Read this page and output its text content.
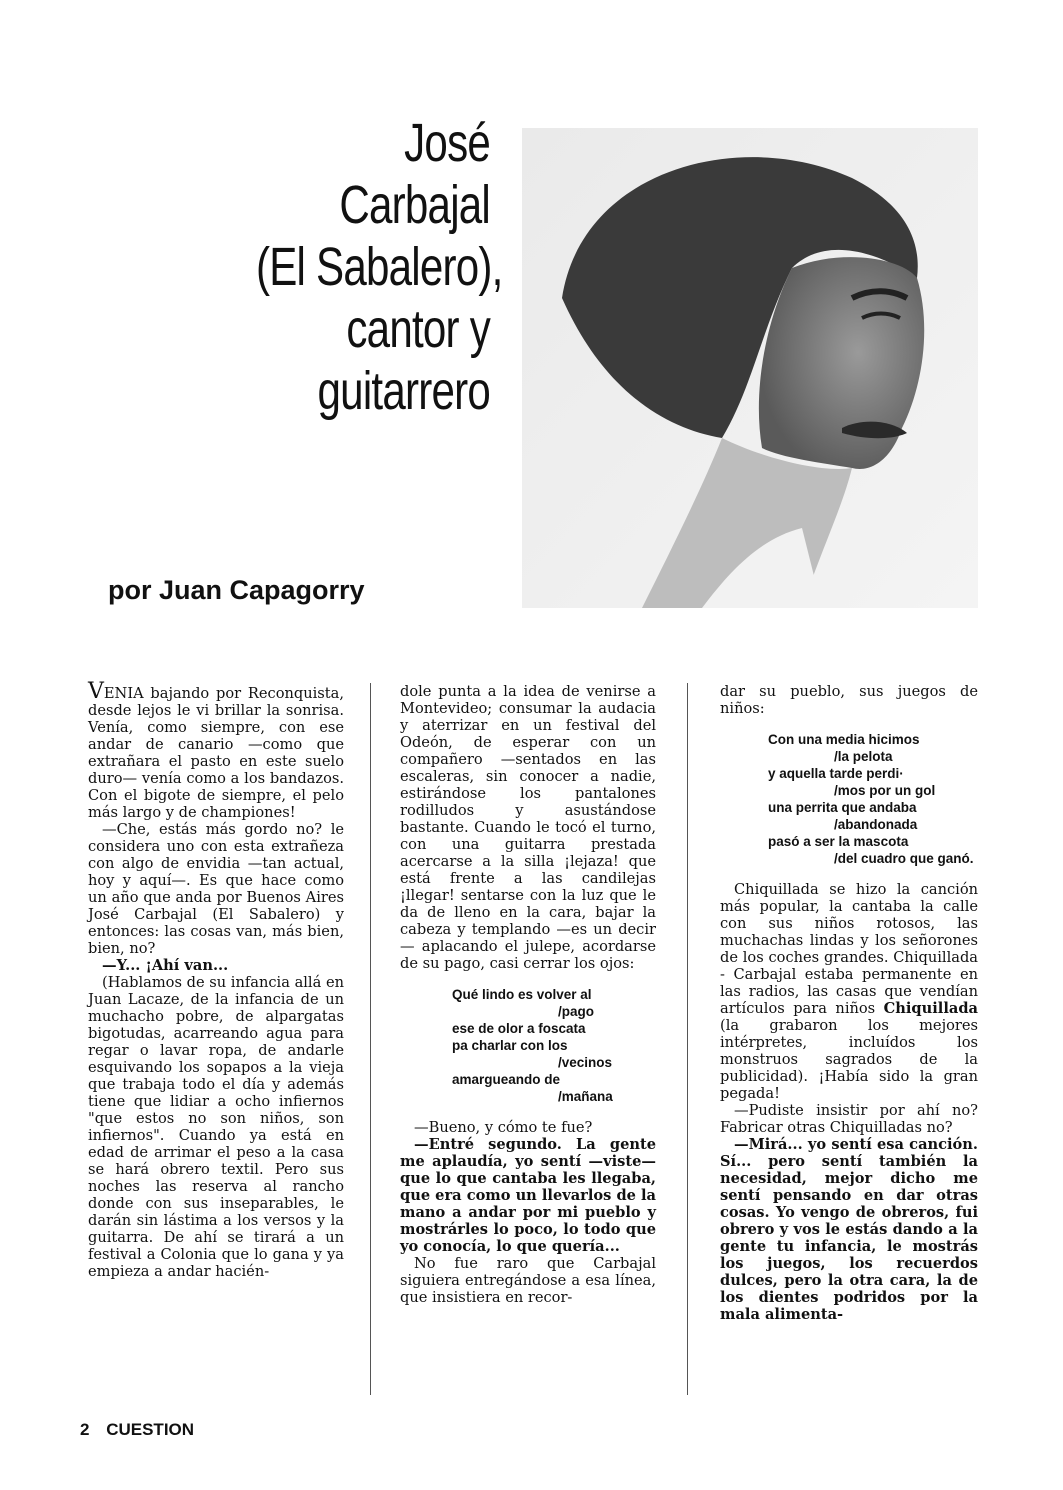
José
Carbajal
(El Sabalero),
cantor y
guitarrero
por Juan Capagorry

VENIA bajando por Reconquista, desde lejos le vi brillar la sonrisa. Venía, como siempre, con ese andar de canario —como que extrañara el pasto en este suelo duro— venía como a los bandazos. Con el bigote de siempre, el pelo más largo y de championes!

—Che, estás más gordo no? le considera uno con esta extrañeza con algo de envidia —tan actual, hoy y aquí—. Es que hace como un año que anda por Buenos Aires José Carbajal (El Sabalero) y entonces: las cosas van, más bien, bien, no?

—Y... ¡Ahí van...

(Hablamos de su infancia allá en Juan Lacaze, de la infancia de un muchacho pobre, de alpargatas bigotudas, acarreando agua para regar o lavar ropa, de andarle esquivando los sopapos a la vieja que trabaja todo el día y además tiene que lidiar a ocho infiernos "que estos no son niños, son infiernos". Cuando ya está en edad de arrimar el peso a la casa se hará obrero textil. Pero sus noches las reserva al rancho donde con sus inseparables, le darán sin lástima a los versos y la guitarra. De ahí se tirará a un festival a Colonia que lo gana y ya empieza a andar hacién-

dole punta a la idea de venirse a Montevideo; consumar la audacia y aterrizar en un festival del Odeón, de esperar con un compañero —sentados en las escaleras, sin conocer a nadie, estirándose los pantalones rodilludos y asustándose bastante. Cuando le tocó el turno, con una guitarra prestada acercarse a la silla ¡lejaza! que está frente a las candilejas ¡llegar! sentarse con la luz que le da de lleno en la cara, bajar la cabeza y templando —es un decir— aplacando el julepe, acordarse de su pago, casi cerrar los ojos:

Qué lindo es volver al
/pago
ese de olor a foscata
pa charlar con los
/vecinos
amargueando de
/mañana

—Bueno, y cómo te fue?

—Entré segundo. La gente me aplaudía, yo sentí —viste— que lo que cantaba les llegaba, que era como un llevarlos de la mano a andar por mi pueblo y mostrárles lo poco, lo todo que yo conocía, lo que quería...

No fue raro que Carbajal siguiera entregándose a esa línea, que insistiera en recor-

dar su pueblo, sus juegos de niños:

Con una media hicimos
/la pelota
y aquella tarde perdi·
/mos por un gol
una perrita que andaba
/abandonada
pasó a ser la mascota
/del cuadro que ganó.

Chiquillada se hizo la canción más popular, la cantaba la calle con sus niños rotosos, las muchachas lindas y los señorones de los coches grandes. Chiquillada - Carbajal estaba permanente en las radios, las casas que vendían artículos para niños Chiquillada (la grabaron los mejores intérpretes, incluídos los monstruos sagrados de la publicidad). ¡Había sido la gran pegada!

—Pudiste insistir por ahí no? Fabricar otras Chiquilladas no?

—Mirá... yo sentí esa canción. Sí... pero sentí también la necesidad, mejor dicho me sentí pensando en dar otras cosas. Yo vengo de obreros, fui obrero y vos le estás dando a la gente tu infancia, le mostrás los juegos, los recuerdos dulces, pero la otra cara, la de los dientes podridos por la mala alimenta-

2 CUESTION
